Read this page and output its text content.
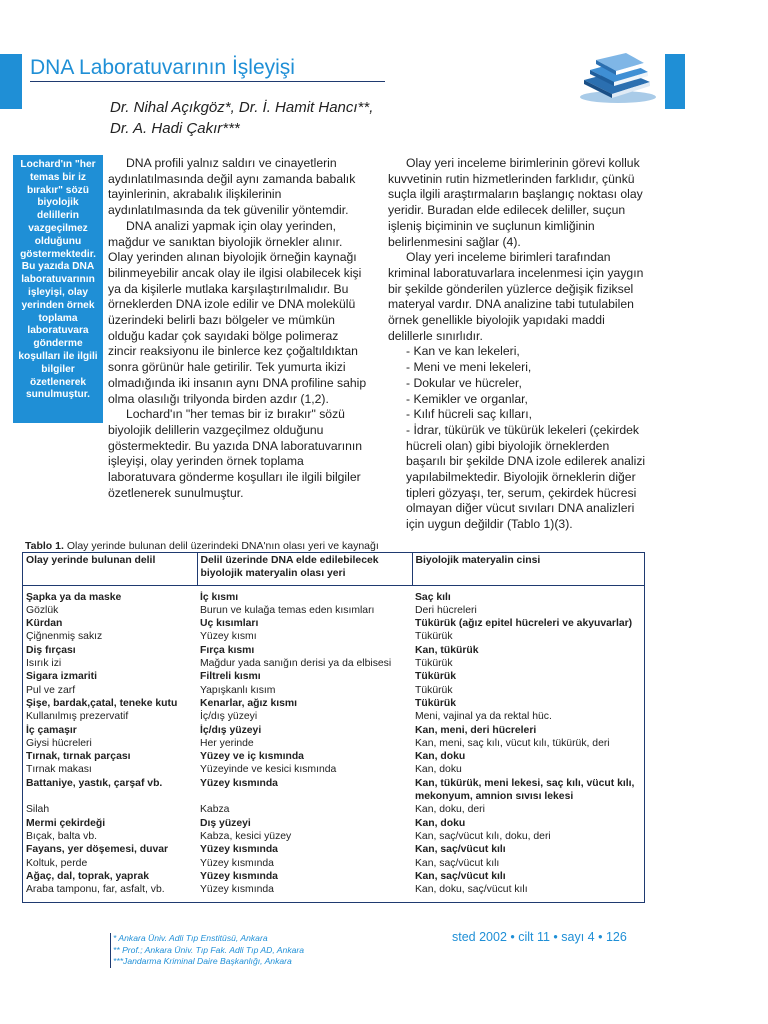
DNA Laboratuvarının İşleyişi
Dr. Nihal Açıkgöz*, Dr. İ. Hamit Hancı**,
Dr. A. Hadi Çakır***

Lochard'ın "her temas bir iz bırakır" sözü biyolojik delillerin vazgeçilmez olduğunu göstermektedir. Bu yazıda DNA laboratuvarının işleyişi, olay yerinden örnek toplama laboratuvara gönderme koşulları ile ilgili bilgiler özetlenerek sunulmuştur.

DNA profili yalnız saldırı ve cinayetlerin aydınlatılmasında değil aynı zamanda babalık tayinlerinin, akrabalık ilişkilerinin aydınlatılmasında da tek güvenilir yöntemdir.

DNA analizi yapmak için olay yerinden, mağdur ve sanıktan biyolojik örnekler alınır. Olay yerinden alınan biyolojik örneğin kaynağı bilinmeyebilir ancak olay ile ilgisi olabilecek kişi ya da kişilerle mutlaka karşılaştırılmalıdır. Bu örneklerden DNA izole edilir ve DNA molekülü üzerindeki belirli bazı bölgeler ve mümkün olduğu kadar çok sayıdaki bölge polimeraz zincir reaksiyonu ile binlerce kez çoğaltıldıktan sonra görünür hale getirilir. Tek yumurta ikizi olmadığında iki insanın aynı DNA profiline sahip olma olasılığı trilyonda birden azdır (1,2).

Lochard'ın "her temas bir iz bırakır" sözü biyolojik delillerin vazgeçilmez olduğunu göstermektedir. Bu yazıda DNA laboratuvarının işleyişi, olay yerinden örnek toplama laboratuvara gönderme koşulları ile ilgili bilgiler özetlenerek sunulmuştur.

Olay yeri inceleme birimlerinin görevi kolluk kuvvetinin rutin hizmetlerinden farklıdır, çünkü suçla ilgili araştırmaların başlangıç noktası olay yeridir. Buradan elde edilecek deliller, suçun işleniş biçiminin ve suçlunun kimliğinin belirlenmesini sağlar (4).

Olay yeri inceleme birimleri tarafından kriminal laboratuvarlara incelenmesi için yaygın bir şekilde gönderilen yüzlerce değişik fiziksel materyal vardır. DNA analizine tabi tutulabilen örnek genellikle biyolojik yapıdaki maddi delillerle sınırlıdır.

- Kan ve kan lekeleri,
- Meni ve meni lekeleri,
- Dokular ve hücreler,
- Kemikler ve organlar,
- Kılıf hücreli saç kılları,
- İdrar, tükürük ve tükürük lekeleri (çekirdek hücreli olan) gibi biyolojik örneklerden başarılı bir şekilde DNA izole edilerek analizi yapılabilmektedir. Biyolojik örneklerin diğer tipleri gözyaşı, ter, serum, çekirdek hücresi olmayan diğer vücut sıvıları DNA analizleri için uygun değildir (Tablo 1)(3).
Tablo 1. Olay yerinde bulunan delil üzerindeki DNA'nın olası yeri ve kaynağı
Olay yerinde bulunan delil	Delil üzerinde DNA elde edilebilecek biyolojik materyalin olası yeri	Biyolojik materyalin cinsi
Şapka ya da maske	İç kısmı	Saç kılı
Gözlük	Burun ve kulağa temas eden kısımları	Deri hücreleri
Kürdan	Uç kısımları	Tükürük (ağız epitel hücreleri ve akyuvarlar)
Çiğnenmiş sakız	Yüzey kısmı	Tükürük
Diş fırçası	Fırça kısmı	Kan, tükürük
Isırık izi	Mağdur yada sanığın derisi ya da elbisesi	Tükürük
Sigara izmariti	Filtreli kısmı	Tükürük
Pul ve zarf	Yapışkanlı kısım	Tükürük
Şişe, bardak,çatal, teneke kutu	Kenarlar, ağız kısmı	Tükürük
Kullanılmış prezervatif	İç/dış yüzeyi	Meni, vajinal ya da rektal hüc.
İç çamaşır	İç/dış yüzeyi	Kan, meni, deri hücreleri
Giysi hücreleri	Her yerinde	Kan, meni, saç kılı, vücut kılı, tükürük, deri
Tırnak, tırnak parçası	Yüzey ve iç kısmında	Kan, doku
Tırnak makası	Yüzeyinde ve kesici kısmında	Kan, doku
Battaniye, yastık, çarşaf vb.	Yüzey kısmında	Kan, tükürük, meni lekesi, saç kılı, vücut kılı, mekonyum, amnion sıvısı lekesi
Silah	Kabza	Kan, doku, deri
Mermi çekirdeği	Dış yüzeyi	Kan, doku
Bıçak, balta vb.	Kabza, kesici yüzey	Kan, saç/vücut kılı, doku, deri
Fayans, yer döşemesi, duvar	Yüzey kısmında	Kan, saç/vücut kılı
Koltuk, perde	Yüzey kısmında	Kan, saç/vücut kılı
Ağaç, dal, toprak, yaprak	Yüzey kısmında	Kan, saç/vücut kılı
Araba tamponu, far, asfalt, vb.	Yüzey kısmında	Kan, doku, saç/vücut kılı
* Ankara Üniv. Adli Tıp Enstitüsü, Ankara
** Prof.; Ankara Üniv. Tıp Fak. Adli Tıp AD, Ankara
***Jandarma Kriminal Daire Başkanlığı, Ankara
sted 2002 • cilt 11 • sayı 4 • 126
